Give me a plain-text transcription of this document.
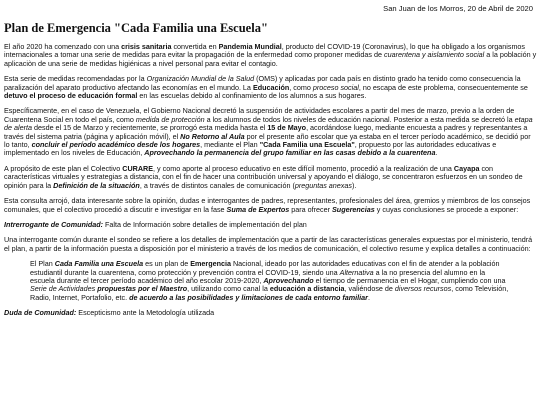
San Juan de los Morros, 20 de Abril de 2020
Plan de Emergencia "Cada Familia una Escuela"

El año 2020 ha comenzado con una crisis sanitaria convertida en Pandemia Mundial, producto del COVID-19 (Coronavirus), lo que ha obligado a los organismos internacionales a tomar una serie de medidas para evitar la propagación de la enfermedad como proponer medidas de cuarentena y aislamiento social a la población y aplicaciòn de una serie de medidas higiénicas a nivel personal para evitar el contagio.

Esta serie de medidas recomendadas por la Organización Mundial de la Salud (OMS) y aplicadas por cada país en distinto grado ha tenido como consecuencia la paralización del aparato productivo afectando las economías en el mundo. La Educación, como proceso social, no escapa de este problema, consecuentemente se detuvo el proceso de educación formal en las escuelas debido al confinamiento de los alumnos a sus hogares.

Específicamente, en el caso de Venezuela, el Gobierno Nacional decretó la suspensión de actividades escolares a partir del mes de marzo, previo a la orden de Cuarentena Social en todo el país, como medida de protección a los alumnos de todos los niveles de educación nacional. Posterior a esta medida se decretó la etapa de alerta desde el 15 de Marzo y recientemente, se prorrogó esta medida hasta el 15 de Mayo, acordándose luego, mediante encuesta a padres y representantes a través del sistema patria (página y aplicación móvil), el No Retorno al Aula por el presente año escolar que ya estaba en el tercer período académico, se decidió por lo tanto, concluir el período académico desde los hogares, mediante el Plan "Cada Familia una Escuela", propuesto por las autoridades educativas e implementado en los niveles de Educación, Aprovechando la permanencia del grupo familiar en las casas debido a la cuarentena.

A propósito de este plan el Colectivo CURARE, y como aporte al proceso educativo en este difícil momento, procedió a la realización de una Cayapa con características virtuales y estrategias a distancia, con el fin de hacer una contribución universal y apoyando el diálogo, se concentraron esfuerzos en un sondeo de opinión para la Definición de la situación, a través de distintos canales de comunicación (preguntas anexas).

Esta consulta arrojó, data interesante sobre la opinión, dudas e interrogantes de padres, representantes, profesionales del área, gremios y miembros de los consejos comunales, que el colectivo procedió a discutir e investigar en la fase Suma de Expertos para ofrecer Sugerencias y cuyas conclusiones se procede a exponer:

Intrerrogante de Comunidad: Falta de Información sobre detalles de implementación del plan

Una interrogante común durante el sondeo se refiere a los detalles de implementación que a partir de las características generales expuestas por el ministerio, tendrá el plan, a partir de la información puesta a disposición por el ministerio a través de los medios de comunicación, el colectivo resume y explica detalles a continuación:

El Plan Cada Familia una Escuela es un plan de Emergencia Nacional, ideado por las autoridades educativas con el fin de atender a la población estudiantil durante la cuarentena, como protección y prevención contra el COVID-19, siendo una Alternativa a la no presencia del alumno en la escuela durante el tercer período académico del año escolar 2019-2020, Aprovechando el tiempo de permanencia en el Hogar, cumpliendo con una Serie de Actividades propuestas por el Maestro, utilizando como canal la educación a distancia, valiéndose de diversos recursos, como Televisión, Radio, Internet, Portafolio, etc. de acuerdo a las posibilidades y limitaciones de cada entorno familiar.

Duda de Comunidad: Escepticismo ante la Metodología utilizada
